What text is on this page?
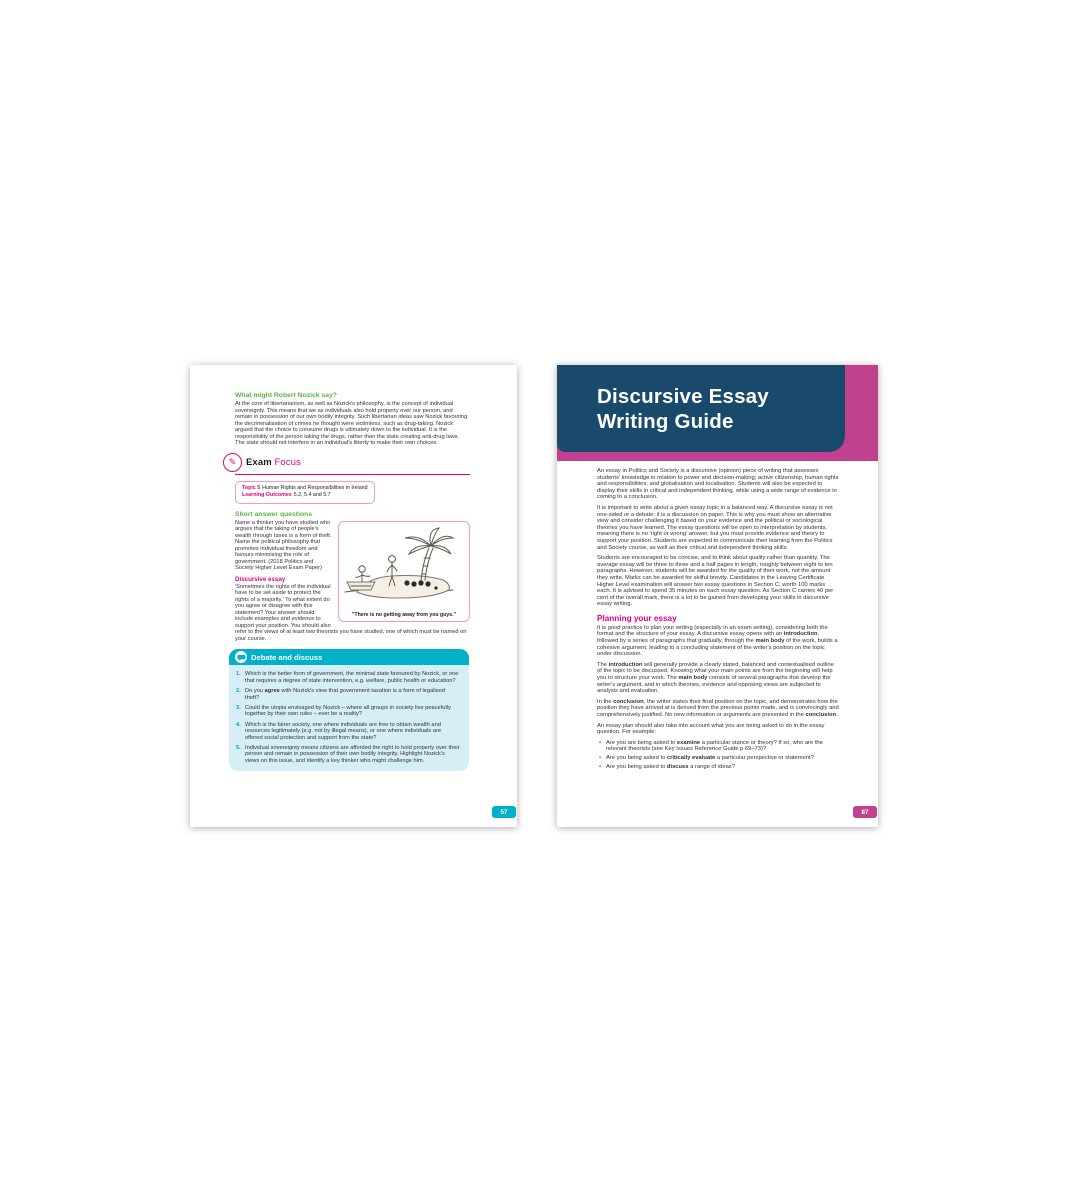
What might Robert Nozick say?

At the core of libertarianism, as well as Nozick's philosophy, is the concept of individual sovereignty. This means that we as individuals also hold property over our person, and remain in possession of our own bodily integrity. Such libertarian ideas saw Nozick favouring the decriminalisation of crimes he thought were victimless, such as drug-taking. Nozick argued that the choice to consume drugs is ultimately down to the individual. It is the responsibility of the person taking the drugs, rather than the state creating anti-drug laws. The state should not interfere in an individual's liberty to make their own choices.

✎	Exam Focus
Topic 5 Human Rights and Responsibilities in Ireland
Learning Outcomes 5.2, 5.4 and 5.7
Short answer questions
"There is no getting away from you guys."

Name a thinker you have studied who argues that the taking of people's wealth through taxes is a form of theft. Name the political philosophy that promotes individual freedom and favours minimising the role of government. (2018 Politics and Society Higher Level Exam Paper)

Discursive essay

'Sometimes the rights of the individual have to be set aside to protect the rights of a majority.' To what extent do you agree or disagree with this statement? Your answer should include examples and evidence to support your position. You should also refer to the views of at least two theorists you have studied, one of which must be named on your course.

Debate and discuss
1. Which is the better form of government, the minimal state favoured by Nozick, or one that requires a degree of state intervention, e.g. welfare, public health or education?
2. Do you agree with Nozick's view that government taxation is a form of legalised theft?
3. Could the utopia envisaged by Nozick – where all groups in society live peacefully together by their own rules – ever be a reality?
4. Which is the fairer society, one where individuals are free to obtain wealth and resources legitimately (e.g. not by illegal means), or one where individuals are offered social protection and support from the state?
5. Individual sovereignty means citizens are afforded the right to hold property over their person and remain in possession of their own bodily integrity. Highlight Nozick's views on this issue, and identify a key thinker who might challenge him.
57
Discursive Essay
Writing Guide

An essay in Politics and Society is a discursive (opinion) piece of writing that assesses students' knowledge in relation to power and decision-making; active citizenship; human rights and responsibilities; and globalisation and localisation. Students will also be expected to display their skills in critical and independent thinking, while using a wide range of evidence in coming to a conclusion.

It is important to write about a given essay topic in a balanced way. A discursive essay is not one-sided or a debate; it is a discussion on paper. This is why you must show an alternative view and consider challenging it based on your evidence and the political or sociological theories you have learned. The essay questions will be open to interpretation by students, meaning there is no 'right or wrong' answer, but you must provide evidence and theory to support your position. Students are expected to communicate their learning from the Politics and Society course, as well as their critical and independent thinking skills.

Students are encouraged to be concise, and to think about quality rather than quantity. The average essay will be three to three and a half pages in length, roughly between eight to ten paragraphs. However, students will be awarded for the quality of their work, not the amount they write. Marks can be awarded for skilful brevity. Candidates in the Leaving Certificate Higher Level examination will answer two essay questions in Section C, worth 100 marks each. It is advised to spend 35 minutes on each essay question. As Section C carries 40 per cent of the overall mark, there is a lot to be gained from developing your skills in discursive essay writing.

Planning your essay

It is good practice to plan your writing (especially in an exam setting), considering both the format and the structure of your essay. A discursive essay opens with an introduction, followed by a series of paragraphs that gradually, through the main body of the work, builds a cohesive argument, leading to a concluding statement of the writer's position on the topic under discussion.

The introduction will generally provide a clearly stated, balanced and contextualised outline of the topic to be discussed. Knowing what your main points are from the beginning will help you to structure your work. The main body consists of several paragraphs that develop the writer's argument, and in which theories, evidence and opposing views are subjected to analysis and evaluation.

In the conclusion, the writer states their final position on the topic, and demonstrates how the position they have arrived at is derived from the previous points made, and is convincingly and comprehensively justified. No new information or arguments are presented in the conclusion.

An essay plan should also take into account what you are being asked to do in the essay question. For example:

• Are you are being asked to examine a particular stance or theory? If so, who are the relevant theorists (see Key Issues Reference Guide p.69–73)?
• Are you being asked to critically evaluate a particular perspective or statement?
• Are you being asked to discuss a range of ideas?
87
